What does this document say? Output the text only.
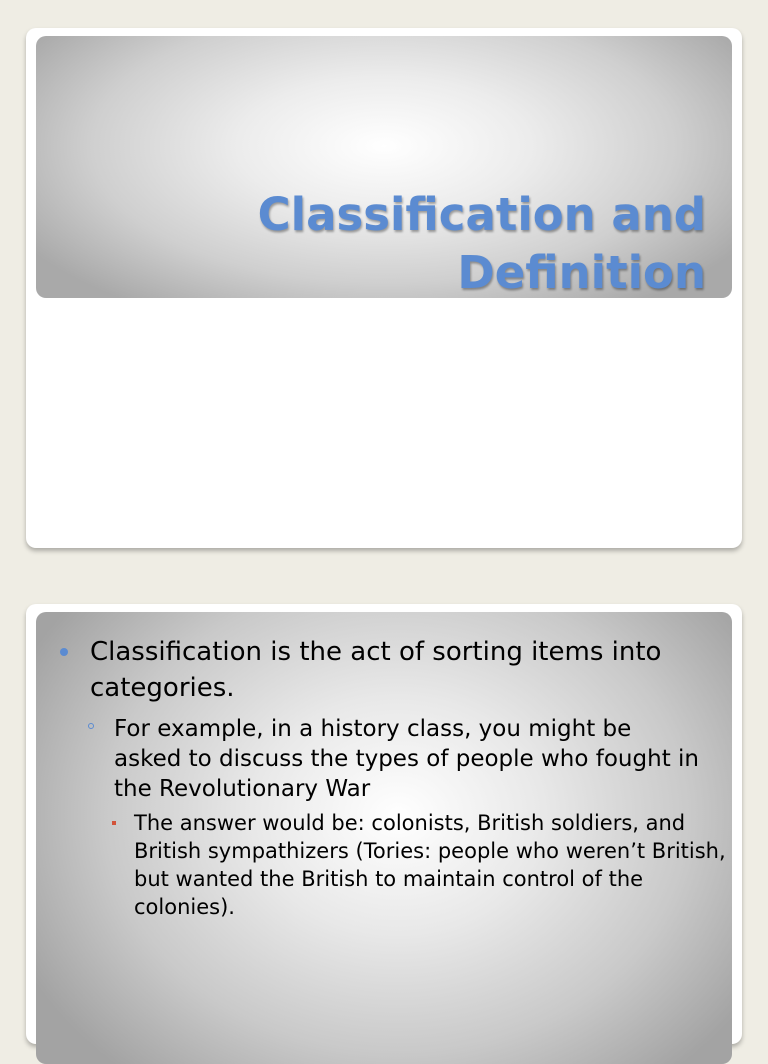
Classification and
Definition

Classification is the act of sorting items into categories.

For example, in a history class, you might be asked to discuss the types of people who fought in the Revolutionary War

The answer would be: colonists, British soldiers, and British sympathizers (Tories: people who weren’t British, but wanted the British to maintain control of the colonies).
